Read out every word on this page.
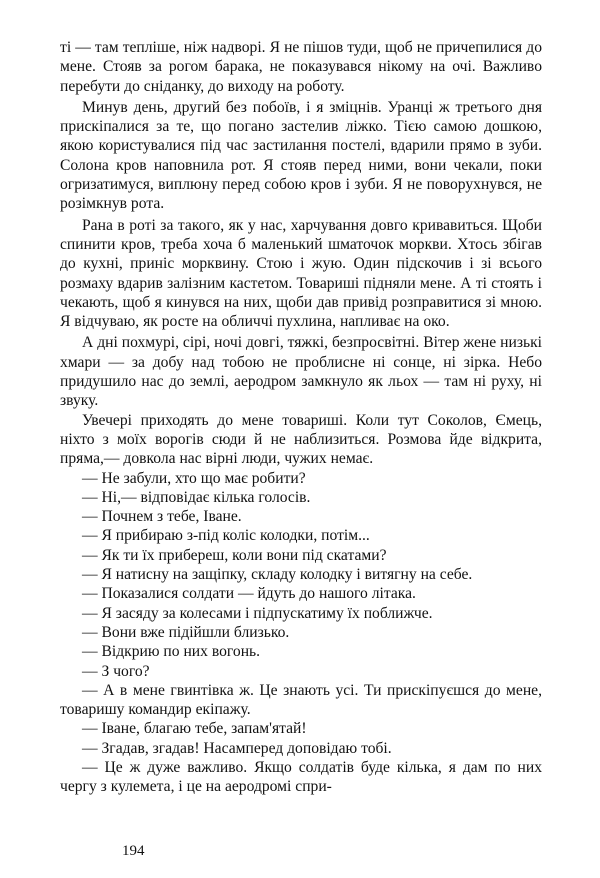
ті — там тепліше, ніж надворі. Я не пішов туди, щоб не причепилися до мене. Стояв за рогом барака, не показувався нікому на очі. Важливо перебути до сніданку, до виходу на роботу.

Минув день, другий без побоїв, і я зміцнів. Уранці ж третього дня прискіпалися за те, що погано застелив ліжко. Тією самою дошкою, якою користувалися під час застилання постелі, вдарили прямо в зуби. Солона кров наповнила рот. Я стояв перед ними, вони чекали, поки огризатимуся, виплюну перед собою кров і зуби. Я не поворухнувся, не розімкнув рота.

Рана в роті за такого, як у нас, харчування довго кривавиться. Щоби спинити кров, треба хоча б маленький шматочок моркви. Хтось збігав до кухні, приніс морквину. Стою і жую. Один підскочив і зі всього розмаху вдарив залізним кастетом. Товариші підняли мене. А ті стоять і чекають, щоб я кинувся на них, щоби дав привід розправитися зі мною. Я відчуваю, як росте на обличчі пухлина, напливає на око.

А дні похмурі, сірі, ночі довгі, тяжкі, безпросвітні. Вітер жене низькі хмари — за добу над тобою не проблисне ні сонце, ні зірка. Небо придушило нас до землі, аеродром замкнуло як льох — там ні руху, ні звуку.

Увечері приходять до мене товариші. Коли тут Соколов, Ємець, ніхто з моїх ворогів сюди й не наблизиться. Розмова йде відкрита, пряма,— довкола нас вірні люди, чужих немає.

— Не забули, хто що має робити?

— Ні,— відповідає кілька голосів.

— Почнем з тебе, Іване.

— Я прибираю з-під коліс колодки, потім...

— Як ти їх прибереш, коли вони під скатами?

— Я натисну на защіпку, складу колодку і витягну на себе.

— Показалися солдати — йдуть до нашого літака.

— Я засяду за колесами і підпускатиму їх поближче.

— Вони вже підійшли близько.

— Відкрию по них вогонь.

— З чого?

— А в мене гвинтівка ж. Це знають усі. Ти прискіпуєшся до мене, товаришу командир екіпажу.

— Іване, благаю тебе, запам'ятай!

— Згадав, згадав! Насамперед доповідаю тобі.

— Це ж дуже важливо. Якщо солдатів буде кілька, я дам по них чергу з кулемета, і це на аеродромі спри-

194
